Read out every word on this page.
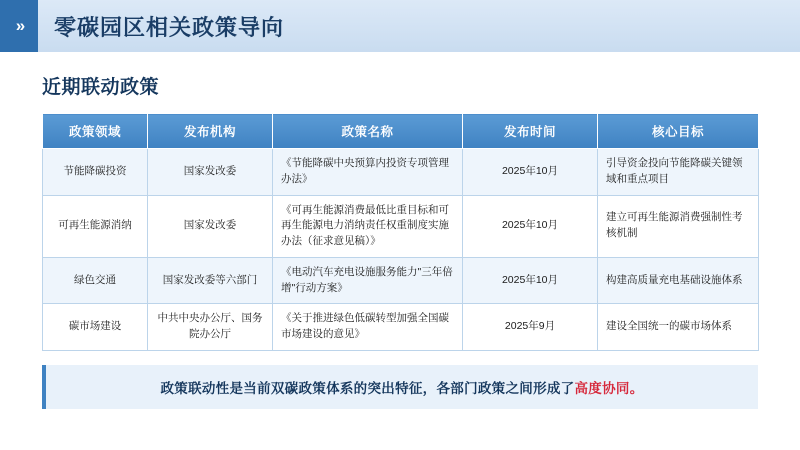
»	零碳园区相关政策导向
近期联动政策
政策领域	发布机构	政策名称	发布时间	核心目标
节能降碳投资	国家发改委	《节能降碳中央预算内投资专项管理办法》	2025年10月	引导资金投向节能降碳关键领域和重点项目
可再生能源消纳	国家发改委	《可再生能源消费最低比重目标和可再生能源电力消纳责任权重制度实施办法（征求意见稿）》	2025年10月	建立可再生能源消费强制性考核机制
绿色交通	国家发改委等六部门	《电动汽车充电设施服务能力"三年倍增"行动方案》	2025年10月	构建高质量充电基础设施体系
碳市场建设	中共中央办公厅、国务院办公厅	《关于推进绿色低碳转型加强全国碳市场建设的意见》	2025年9月	建设全国统一的碳市场体系
政策联动性是当前双碳政策体系的突出特征，各部门政策之间形成了高度协同。
